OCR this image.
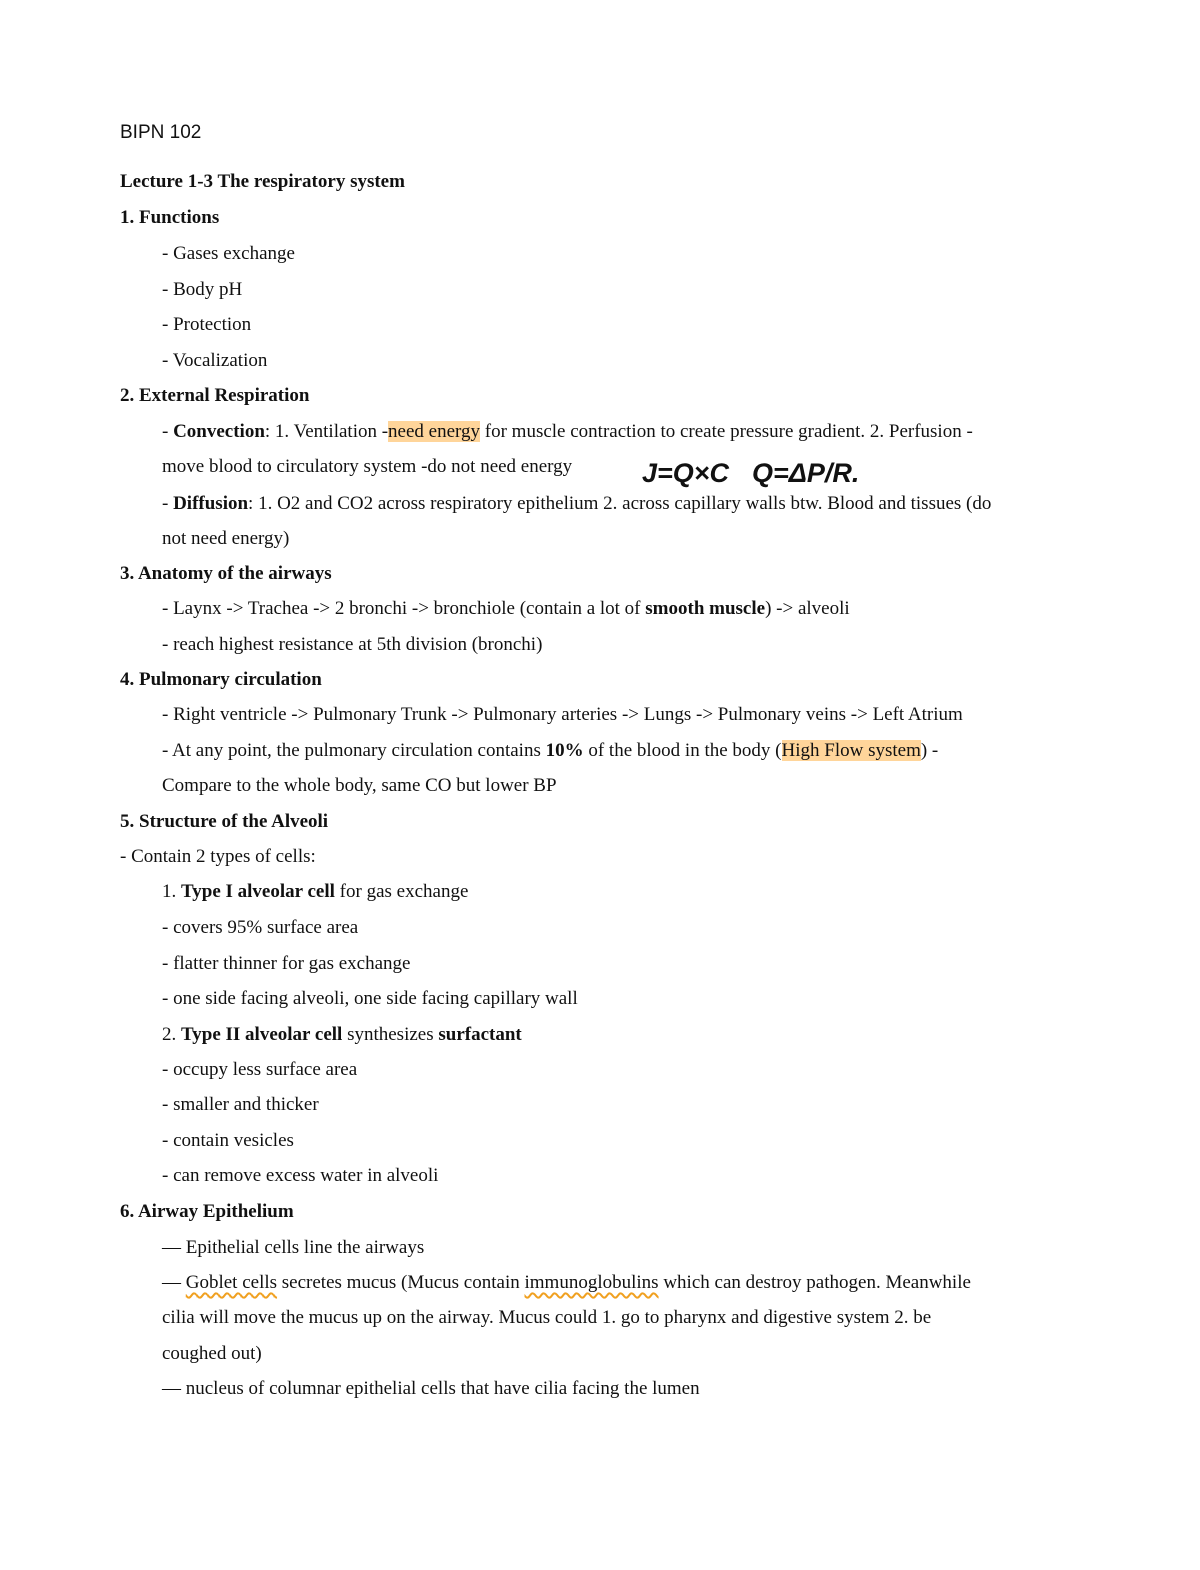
BIPN 102
Lecture 1-3 The respiratory system
1. Functions
- Gases exchange
- Body pH
- Protection
- Vocalization
2. External Respiration
- Convection: 1. Ventilation -need energy for muscle contraction to create pressure gradient. 2. Perfusion -
move blood to circulatory system -do not need energy	J=Q×C Q=ΔP/R.
- Diffusion: 1. O2 and CO2 across respiratory epithelium 2. across capillary walls btw. Blood and tissues (do
not need energy)
3. Anatomy of the airways
- Laynx -> Trachea -> 2 bronchi -> bronchiole (contain a lot of smooth muscle) -> alveoli
- reach highest resistance at 5th division (bronchi)
4. Pulmonary circulation
- Right ventricle -> Pulmonary Trunk -> Pulmonary arteries -> Lungs -> Pulmonary veins -> Left Atrium
- At any point, the pulmonary circulation contains 10% of the blood in the body (High Flow system) -
Compare to the whole body, same CO but lower BP
5. Structure of the Alveoli
- Contain 2 types of cells:
1. Type I alveolar cell for gas exchange
- covers 95% surface area
- flatter thinner for gas exchange
- one side facing alveoli, one side facing capillary wall
2. Type II alveolar cell synthesizes surfactant
- occupy less surface area
- smaller and thicker
- contain vesicles
- can remove excess water in alveoli
6. Airway Epithelium
— Epithelial cells line the airways
— Goblet cells secretes mucus (Mucus contain immunoglobulins which can destroy pathogen. Meanwhile
cilia will move the mucus up on the airway. Mucus could 1. go to pharynx and digestive system 2. be
coughed out)
— nucleus of columnar epithelial cells that have cilia facing the lumen
